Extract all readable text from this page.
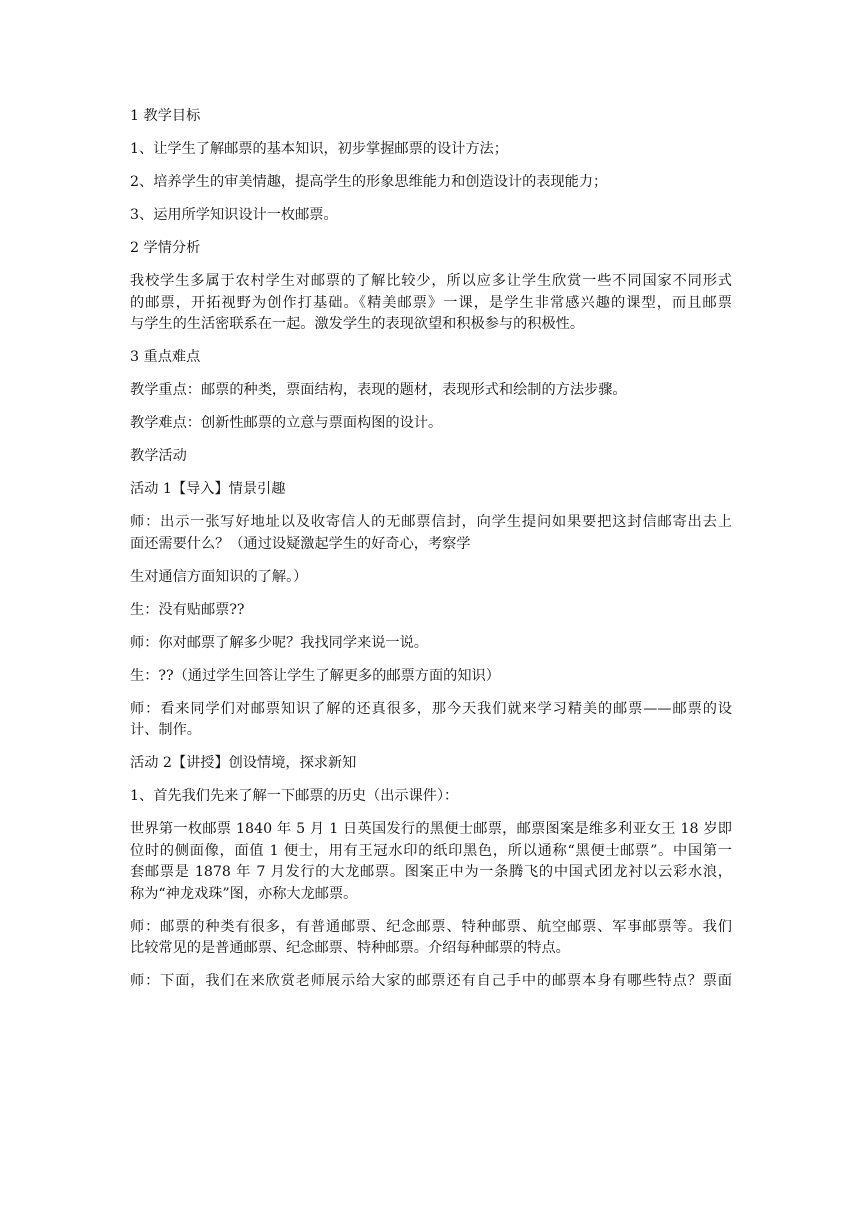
1 教学目标

1、让学生了解邮票的基本知识，初步掌握邮票的设计方法；

2、培养学生的审美情趣，提高学生的形象思维能力和创造设计的表现能力；

3、运用所学知识设计一枚邮票。

2 学情分析

我校学生多属于农村学生对邮票的了解比较少，所以应多让学生欣赏一些不同国家不同形式
的邮票，开拓视野为创作打基础。《精美邮票》一课，是学生非常感兴趣的课型，而且邮票
与学生的生活密联系在一起。激发学生的表现欲望和积极参与的积极性。

3 重点难点

教学重点：邮票的种类，票面结构，表现的题材，表现形式和绘制的方法步骤。

教学难点：创新性邮票的立意与票面构图的设计。

教学活动

活动 1【导入】情景引趣

师：出示一张写好地址以及收寄信人的无邮票信封，向学生提问如果要把这封信邮寄出去上
面还需要什么？（通过设疑激起学生的好奇心，考察学

生对通信方面知识的了解。）

生：没有贴邮票??

师：你对邮票了解多少呢？我找同学来说一说。

生：??（通过学生回答让学生了解更多的邮票方面的知识）

师：看来同学们对邮票知识了解的还真很多，那今天我们就来学习精美的邮票——邮票的设
计、制作。

活动 2【讲授】创设情境，探求新知

1、首先我们先来了解一下邮票的历史（出示课件）：

世界第一枚邮票 1840 年 5 月 1 日英国发行的黑便士邮票，邮票图案是维多利亚女王 18 岁即
位时的侧面像，面值 1 便士，用有王冠水印的纸印黑色，所以通称“黑便士邮票”。中国第一
套邮票是 1878 年 7 月发行的大龙邮票。图案正中为一条腾飞的中国式团龙衬以云彩水浪，
称为“神龙戏珠”图，亦称大龙邮票。

师：邮票的种类有很多，有普通邮票、纪念邮票、特种邮票、航空邮票、军事邮票等。我们
比较常见的是普通邮票、纪念邮票、特种邮票。介绍每种邮票的特点。

师：下面，我们在来欣赏老师展示给大家的邮票还有自己手中的邮票本身有哪些特点？票面
